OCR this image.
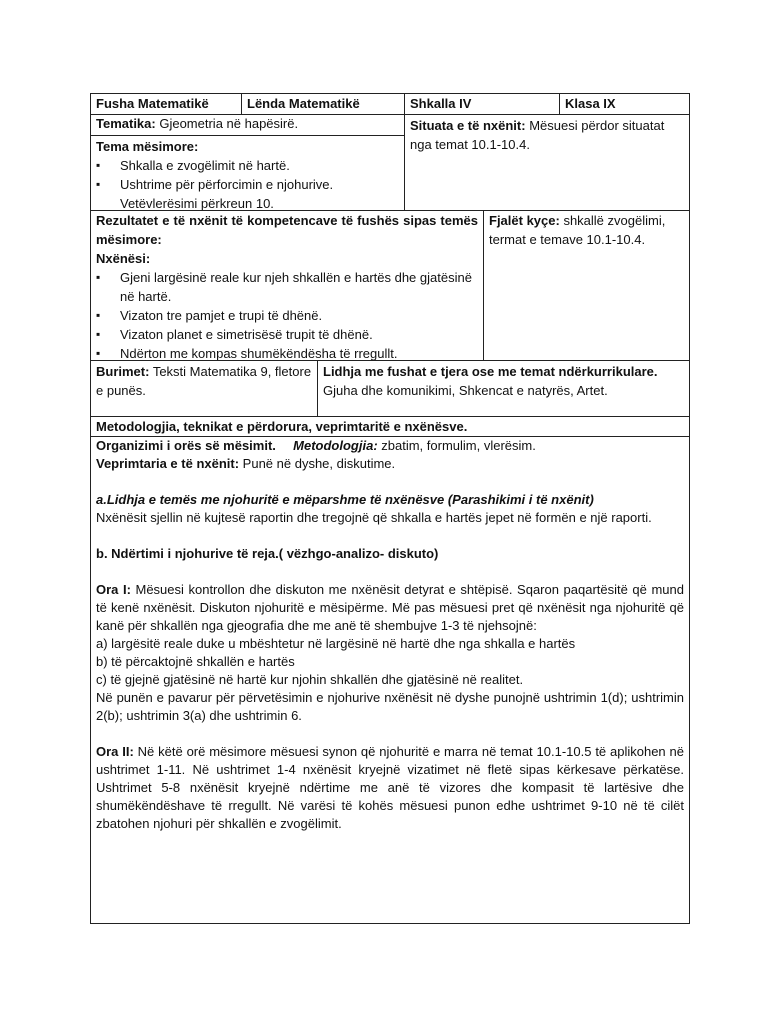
Fusha Matematikë	Lënda Matematikë	Shkalla IV	Klasa IX
Tematika: Gjeometria në hapësirë.
Tema mësimore:
▪ Shkalla e zvogëlimit në hartë.
▪ Ushtrime për përforcimin e njohurive. Vetëvlerësimi përkreun 10.
Situata e të nxënit: Mësuesi përdor situatat nga temat 10.1-10.4.
Rezultatet e të nxënit të kompetencave të fushës sipas temës mësimore:
Nxënësi:
▪ Gjeni largësinë reale kur njeh shkallën e hartës dhe gjatësinë në hartë.
▪ Vizaton tre pamjet e trupi të dhënë.
▪ Vizaton planet e simetrisësë trupit të dhënë.
▪ Ndërton me kompas shumëkëndësha të rregullt.
Fjalët kyçe: shkallë zvogëlimi, termat e temave 10.1-10.4.
Burimet: Teksti Matematika 9, fletore e punës.
Lidhja me fushat e tjera ose me temat ndërkurrikulare.
Gjuha dhe komunikimi, Shkencat e natyrës, Artet.
Metodologjia, teknikat e përdorura, veprimtaritë e nxënësve.

Organizimi i orës së mësimit. Metodologjia: zbatim, formulim, vlerësim.

Veprimtaria e të nxënit: Punë në dyshe, diskutime.

a.Lidhja e temës me njohuritë e mëparshme të nxënësve (Parashikimi i të nxënit)

Nxënësit sjellin në kujtesë raportin dhe tregojnë që shkalla e hartës jepet në formën e një raporti.

b. Ndërtimi i njohurive të reja.( vëzhgo-analizo- diskuto)

Ora I: Mësuesi kontrollon dhe diskuton me nxënësit detyrat e shtëpisë. Sqaron paqartësitë që mund të kenë nxënësit. Diskuton njohuritë e mësipërme. Më pas mësuesi pret që nxënësit nga njohuritë që kanë për shkallën nga gjeografia dhe me anë të shembujve 1-3 të njehsojnë:

a) largësitë reale duke u mbështetur në largësinë në hartë dhe nga shkalla e hartës

b) të përcaktojnë shkallën e hartës

c) të gjejnë gjatësinë në hartë kur njohin shkallën dhe gjatësinë në realitet.

Në punën e pavarur për përvetësimin e njohurive nxënësit në dyshe punojnë ushtrimin 1(d); ushtrimin 2(b); ushtrimin 3(a) dhe ushtrimin 6.

Ora II: Në këtë orë mësimore mësuesi synon që njohuritë e marra në temat 10.1-10.5 të aplikohen në ushtrimet 1-11. Në ushtrimet 1-4 nxënësit kryejnë vizatimet në fletë sipas kërkesave përkatëse. Ushtrimet 5-8 nxënësit kryejnë ndërtime me anë të vizores dhe kompasit të lartësive dhe shumëkëndëshave të rregullt. Në varësi të kohës mësuesi punon edhe ushtrimet 9-10 në të cilët zbatohen njohuri për shkallën e zvogëlimit.
